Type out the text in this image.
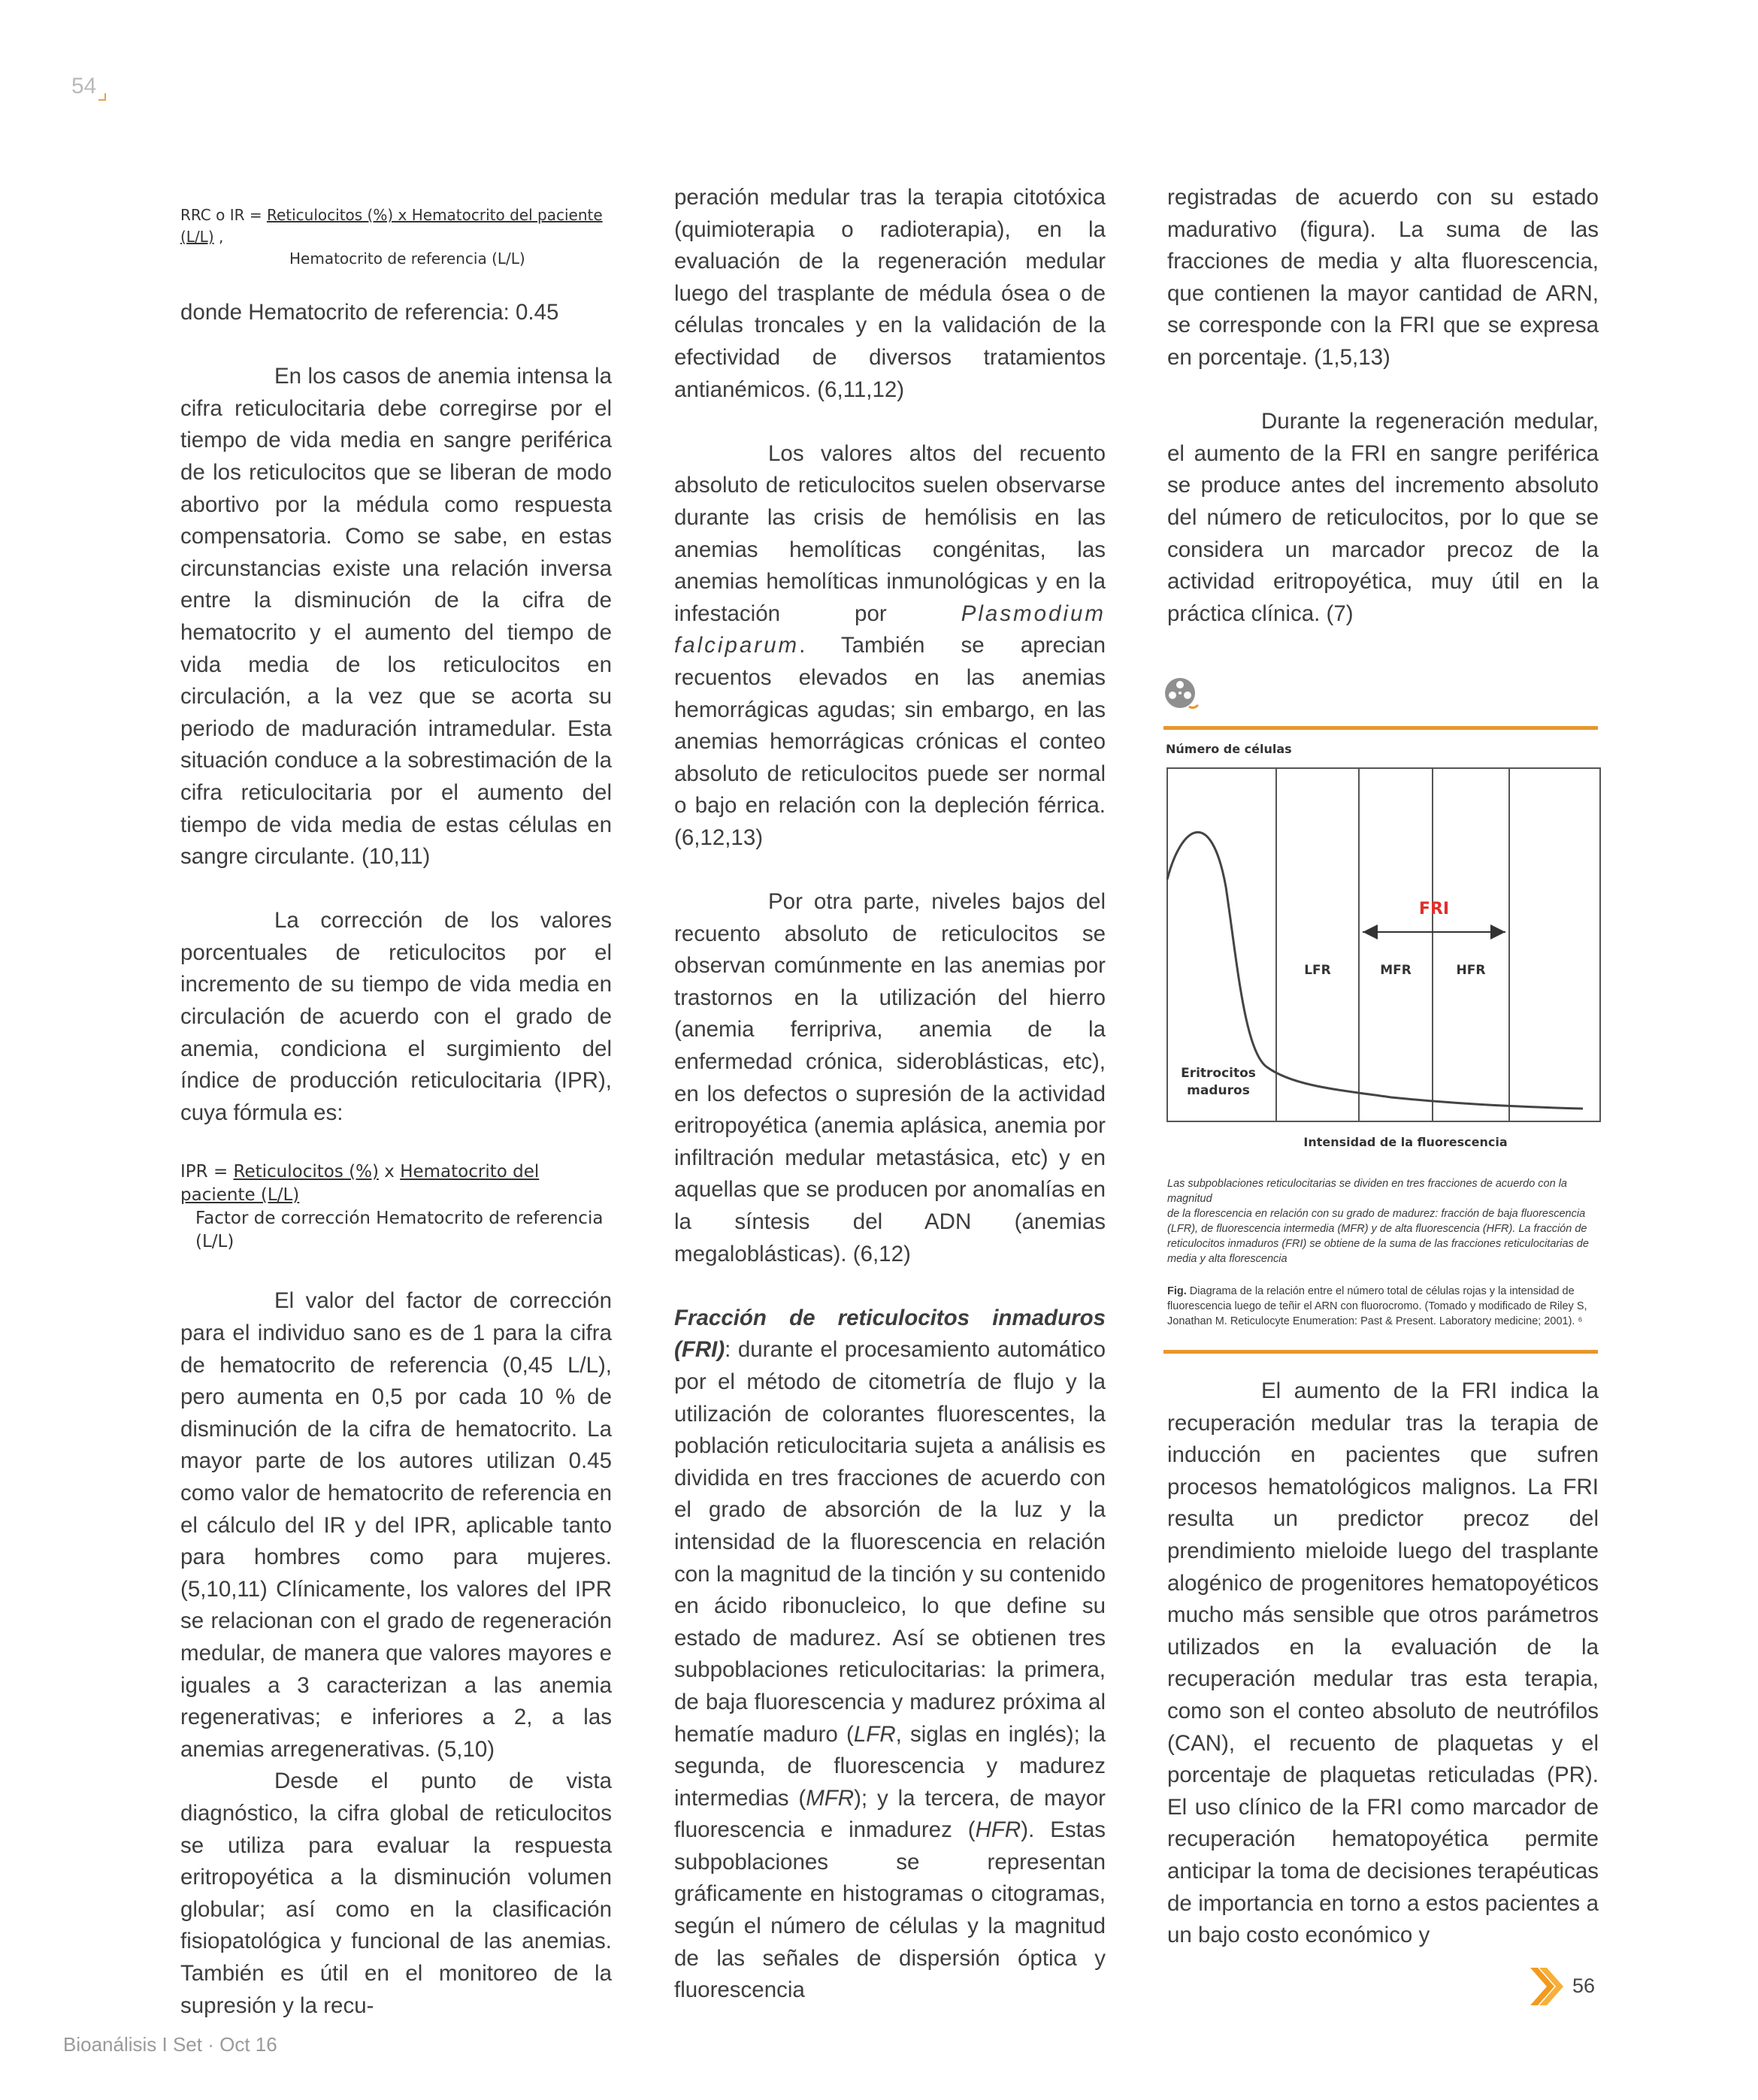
54
RRC o IR = Reticulocitos (%) x Hematocrito del paciente (L/L) ,
Hematocrito de referencia (L/L)

donde Hematocrito de referencia: 0.45

En los casos de anemia intensa la cifra reticulocitaria debe corregirse por el tiempo de vida media en sangre periférica de los reticulocitos que se liberan de modo abortivo por la médula como respuesta compensatoria. Como se sabe, en estas circunstancias existe una relación inversa entre la disminución de la cifra de hematocrito y el aumento del tiempo de vida media de los reticulocitos en circulación, a la vez que se acorta su periodo de maduración intramedular. Esta situación conduce a la sobrestimación de la cifra reticulocitaria por el aumento del tiempo de vida media de estas células en sangre circulante. (10,11)

La corrección de los valores porcentuales de reticulocitos por el incremento de su tiempo de vida media en circulación de acuerdo con el grado de anemia, condiciona el surgimiento del índice de producción reticulocitaria (IPR), cuya fórmula es:

IPR = Reticulocitos (%) x Hematocrito del paciente (L/L)
Factor de corrección Hematocrito de referencia (L/L)

El valor del factor de corrección para el individuo sano es de 1 para la cifra de hematocrito de referencia (0,45 L/L), pero aumenta en 0,5 por cada 10 % de disminución de la cifra de hematocrito. La mayor parte de los autores utilizan 0.45 como valor de hematocrito de referencia en el cálculo del IR y del IPR, aplicable tanto para hombres como para mujeres. (5,10,11) Clínicamente, los valores del IPR se relacionan con el grado de regeneración medular, de manera que valores mayores e iguales a 3 caracterizan a las anemia regenerativas; e inferiores a 2, a las anemias arregenerativas. (5,10)

Desde el punto de vista diagnóstico, la cifra global de reticulocitos se utiliza para evaluar la respuesta eritropoyética a la disminución volumen globular; así como en la clasificación fisiopatológica y funcional de las anemias. También es útil en el monitoreo de la supresión y la recu-

peración medular tras la terapia citotóxica (quimioterapia o radioterapia), en la evaluación de la regeneración medular luego del trasplante de médula ósea o de células troncales y en la validación de la efectividad de diversos tratamientos antianémicos. (6,11,12)

Los valores altos del recuento absoluto de reticulocitos suelen observarse durante las crisis de hemólisis en las anemias hemolíticas congénitas, las anemias hemolíticas inmunológicas y en la infestación por Plasmodium falciparum. También se aprecian recuentos elevados en las anemias hemorrágicas agudas; sin embargo, en las anemias hemorrágicas crónicas el conteo absoluto de reticulocitos puede ser normal o bajo en relación con la depleción férrica. (6,12,13)

Por otra parte, niveles bajos del recuento absoluto de reticulocitos se observan comúnmente en las anemias por trastornos en la utilización del hierro (anemia ferripriva, anemia de la enfermedad crónica, sideroblásticas, etc), en los defectos o supresión de la actividad eritropoyética (anemia aplásica, anemia por infiltración medular metastásica, etc) y en aquellas que se producen por anomalías en la síntesis del ADN (anemias megaloblásticas). (6,12)

Fracción de reticulocitos inmaduros (FRI): durante el procesamiento automático por el método de citometría de flujo y la utilización de colorantes fluorescentes, la población reticulocitaria sujeta a análisis es dividida en tres fracciones de acuerdo con el grado de absorción de la luz y la intensidad de la fluorescencia en relación con la magnitud de la tinción y su contenido en ácido ribonucleico, lo que define su estado de madurez. Así se obtienen tres subpoblaciones reticulocitarias: la primera, de baja fluorescencia y madurez próxima al hematíe maduro (LFR, siglas en inglés); la segunda, de fluorescencia y madurez intermedias (MFR); y la tercera, de mayor fluorescencia e inmadurez (HFR). Estas subpoblaciones se representan gráficamente en histogramas o citogramas, según el número de células y la magnitud de las señales de dispersión óptica y fluorescencia

registradas de acuerdo con su estado madurativo (figura). La suma de las fracciones de media y alta fluorescencia, que contienen la mayor cantidad de ARN, se corresponde con la FRI que se expresa en porcentaje. (1,5,13)

Durante la regeneración medular, el aumento de la FRI en sangre periférica se produce antes del incremento absoluto del número de reticulocitos, por lo que se considera un marcador precoz de la actividad eritropoyética, muy útil en la práctica clínica. (7)

Número de células
FRI
LFR	MFR	HFR
Eritrocitos
maduros
Intensidad de la fluorescencia
Las subpoblaciones reticulocitarias se dividen en tres fracciones de acuerdo con la magnitud
de la florescencia en relación con su grado de madurez: fracción de baja fluorescencia
(LFR), de fluorescencia intermedia (MFR) y de alta fluorescencia (HFR). La fracción de
reticulocitos inmaduros (FRI) se obtiene de la suma de las fracciones reticulocitarias de
media y alta florescencia
Fig. Diagrama de la relación entre el número total de células rojas y la intensidad de
fluorescencia luego de teñir el ARN con fluorocromo. (Tomado y modificado de Riley S,
Jonathan M. Reticulocyte Enumeration: Past & Present. Laboratory medicine; 2001). ⁶

El aumento de la FRI indica la recuperación medular tras la terapia de inducción en pacientes que sufren procesos hematológicos malignos. La FRI resulta un predictor precoz del prendimiento mieloide luego del trasplante alogénico de progenitores hematopoyéticos mucho más sensible que otros parámetros utilizados en la evaluación de la recuperación medular tras esta terapia, como son el conteo absoluto de neutrófilos (CAN), el recuento de plaquetas y el porcentaje de plaquetas reticuladas (PR). El uso clínico de la FRI como marcador de recuperación hematopoyética permite anticipar la toma de decisiones terapéuticas de importancia en torno a estos pacientes a un bajo costo económico y

56
Bioanálisis I Set · Oct 16
